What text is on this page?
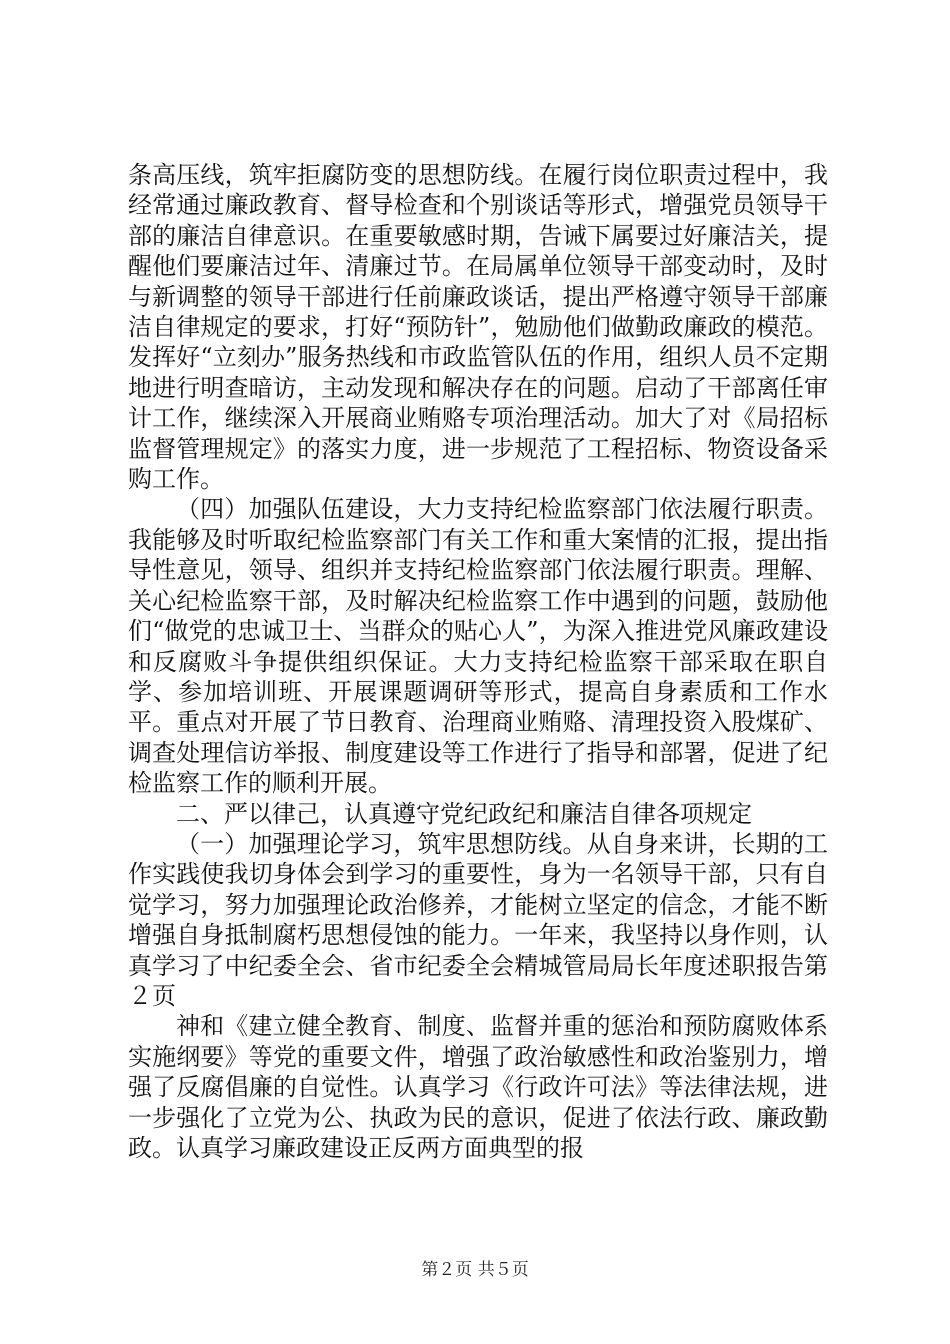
条高压线，筑牢拒腐防变的思想防线。在履行岗位职责过程中，我经常通过廉政教育、督导检查和个别谈话等形式，增强党员领导干部的廉洁自律意识。在重要敏感时期，告诫下属要过好廉洁关，提醒他们要廉洁过年、清廉过节。在局属单位领导干部变动时，及时与新调整的领导干部进行任前廉政谈话，提出严格遵守领导干部廉洁自律规定的要求，打好“预防针”，勉励他们做勤政廉政的模范。发挥好“立刻办”服务热线和市政监管队伍的作用，组织人员不定期地进行明查暗访，主动发现和解决存在的问题。启动了干部离任审计工作，继续深入开展商业贿赂专项治理活动。加大了对《局招标监督管理规定》的落实力度，进一步规范了工程招标、物资设备采购工作。

（四）加强队伍建设，大力支持纪检监察部门依法履行职责。我能够及时听取纪检监察部门有关工作和重大案情的汇报，提出指导性意见，领导、组织并支持纪检监察部门依法履行职责。理解、关心纪检监察干部，及时解决纪检监察工作中遇到的问题，鼓励他们“做党的忠诚卫士、当群众的贴心人”，为深入推进党风廉政建设和反腐败斗争提供组织保证。大力支持纪检监察干部采取在职自学、参加培训班、开展课题调研等形式，提高自身素质和工作水平。重点对开展了节日教育、治理商业贿赂、清理投资入股煤矿、调查处理信访举报、制度建设等工作进行了指导和部署，促进了纪检监察工作的顺利开展。

二、严以律己，认真遵守党纪政纪和廉洁自律各项规定

（一）加强理论学习，筑牢思想防线。从自身来讲，长期的工作实践使我切身体会到学习的重要性，身为一名领导干部，只有自觉学习，努力加强理论政治修养，才能树立坚定的信念，才能不断增强自身抵制腐朽思想侵蚀的能力。一年来，我坚持以身作则，认真学习了中纪委全会、省市纪委全会精城管局局长年度述职报告第２页

神和《建立健全教育、制度、监督并重的惩治和预防腐败体系实施纲要》等党的重要文件，增强了政治敏感性和政治鉴别力，增强了反腐倡廉的自觉性。认真学习《行政许可法》等法律法规，进一步强化了立党为公、执政为民的意识，促进了依法行政、廉政勤政。认真学习廉政建设正反两方面典型的报

第２页 共５页
